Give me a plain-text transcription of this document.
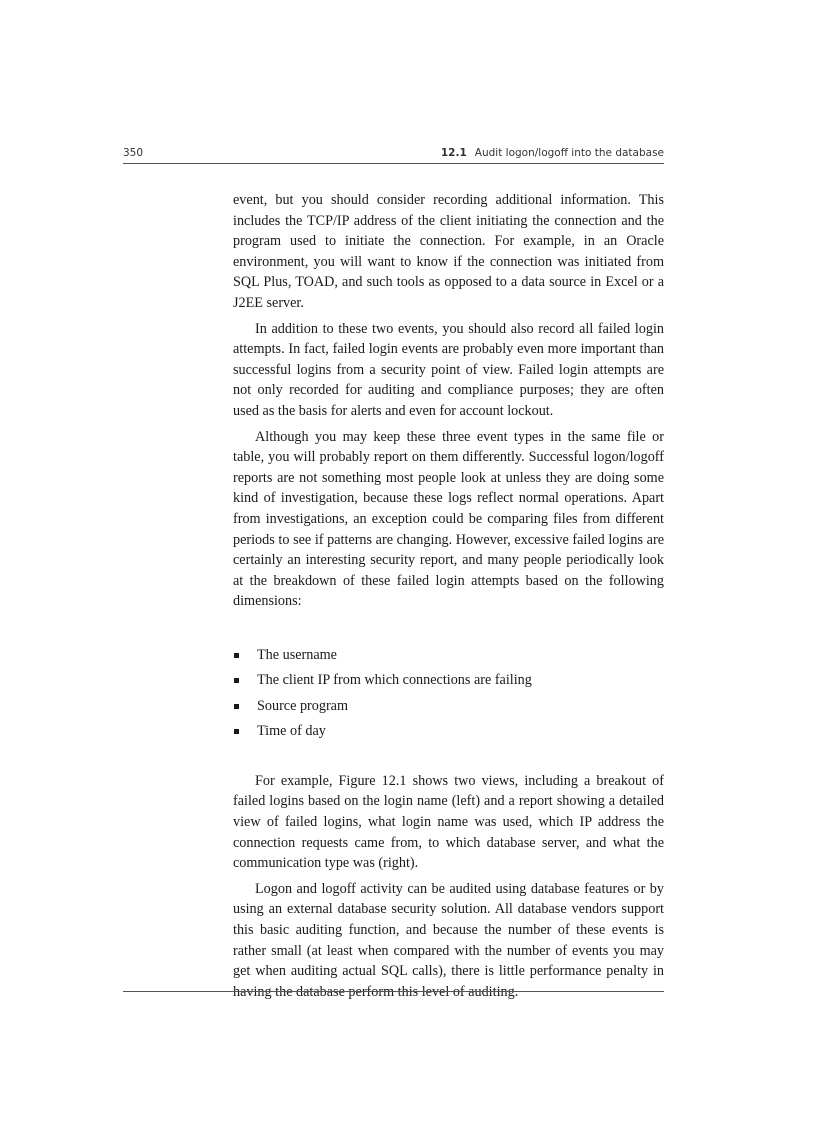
350	12.1 Audit logon/logoff into the database

event, but you should consider recording additional information. This includes the TCP/IP address of the client initiating the connection and the program used to initiate the connection. For example, in an Oracle environment, you will want to know if the connection was initiated from SQL Plus, TOAD, and such tools as opposed to a data source in Excel or a J2EE server.

In addition to these two events, you should also record all failed login attempts. In fact, failed login events are probably even more important than successful logins from a security point of view. Failed login attempts are not only recorded for auditing and compliance purposes; they are often used as the basis for alerts and even for account lockout.

Although you may keep these three event types in the same file or table, you will probably report on them differently. Successful logon/logoff reports are not something most people look at unless they are doing some kind of investigation, because these logs reflect normal operations. Apart from investigations, an exception could be comparing files from different periods to see if patterns are changing. However, excessive failed logins are certainly an interesting security report, and many people periodically look at the breakdown of these failed login attempts based on the following dimensions:

The username
The client IP from which connections are failing
Source program
Time of day

For example, Figure 12.1 shows two views, including a breakout of failed logins based on the login name (left) and a report showing a detailed view of failed logins, what login name was used, which IP address the connection requests came from, to which database server, and what the communication type was (right).

Logon and logoff activity can be audited using database features or by using an external database security solution. All database vendors support this basic auditing function, and because the number of these events is rather small (at least when compared with the number of events you may get when auditing actual SQL calls), there is little performance penalty in having the database perform this level of auditing.
